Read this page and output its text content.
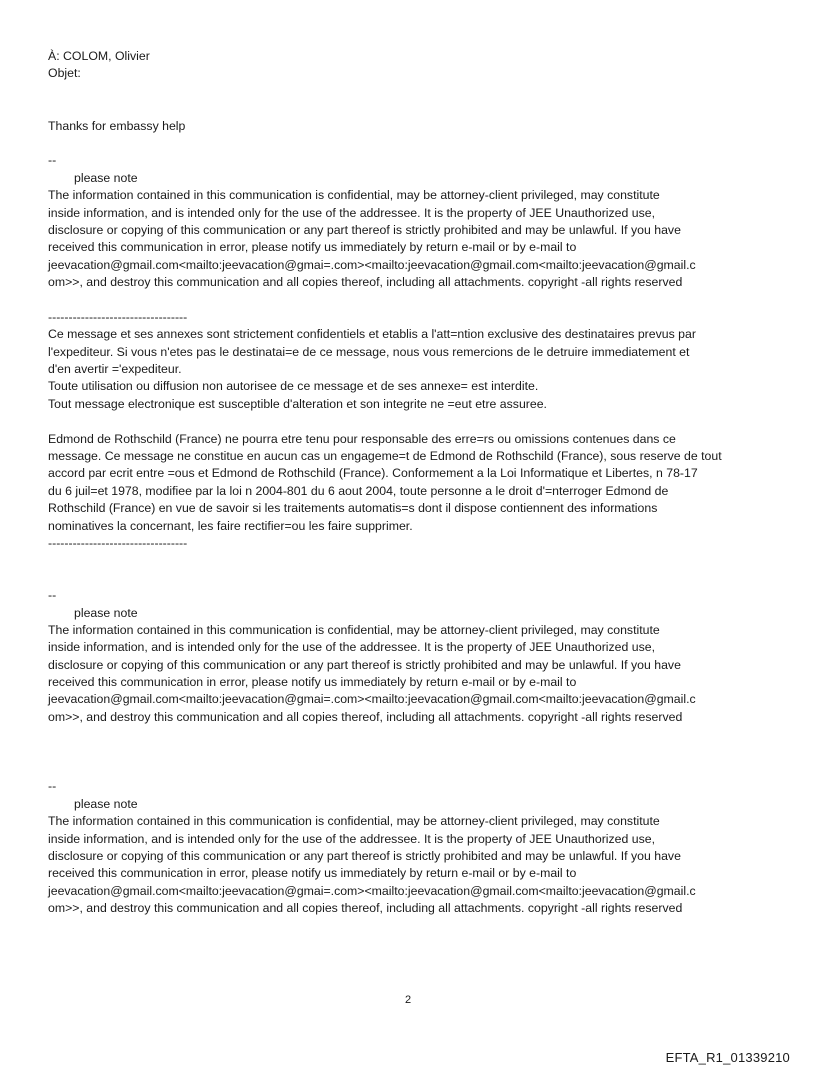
À: COLOM, Olivier
Objet:
Thanks for embassy help
--
please note
The information contained in this communication is confidential, may be attorney-client privileged, may constitute
inside information, and is intended only for the use of the addressee. It is the property of JEE Unauthorized use,
disclosure or copying of this communication or any part thereof is strictly prohibited and may be unlawful. If you have
received this communication in error, please notify us immediately by return e-mail or by e-mail to
jeevacation@gmail.com<mailto:jeevacation@gmai=.com><mailto:jeevacation@gmail.com<mailto:jeevacation@gmail.c
om>>, and destroy this communication and all copies thereof, including all attachments. copyright -all rights reserved
----------------------------------
Ce message et ses annexes sont strictement confidentiels et etablis a l'att=ntion exclusive des destinataires prevus par
l'expediteur. Si vous n'etes pas le destinatai=e de ce message, nous vous remercions de le detruire immediatement et
d'en avertir ='expediteur.
Toute utilisation ou diffusion non autorisee de ce message et de ses annexe= est interdite.
Tout message electronique est susceptible d'alteration et son integrite ne =eut etre assuree.
Edmond de Rothschild (France) ne pourra etre tenu pour responsable des erre=rs ou omissions contenues dans ce
message. Ce message ne constitue en aucun cas un engageme=t de Edmond de Rothschild (France), sous reserve de tout
accord par ecrit entre =ous et Edmond de Rothschild (France). Conformement a la Loi Informatique et Libertes, n 78-17
du 6 juil=et 1978, modifiee par la loi n 2004-801 du 6 aout 2004, toute personne a le droit d'=nterroger Edmond de
Rothschild (France) en vue de savoir si les traitements automatis=s dont il dispose contiennent des informations
nominatives la concernant, les faire rectifier=ou les faire supprimer.
----------------------------------
--
please note
The information contained in this communication is confidential, may be attorney-client privileged, may constitute
inside information, and is intended only for the use of the addressee. It is the property of JEE Unauthorized use,
disclosure or copying of this communication or any part thereof is strictly prohibited and may be unlawful. If you have
received this communication in error, please notify us immediately by return e-mail or by e-mail to
jeevacation@gmail.com<mailto:jeevacation@gmai=.com><mailto:jeevacation@gmail.com<mailto:jeevacation@gmail.c
om>>, and destroy this communication and all copies thereof, including all attachments. copyright -all rights reserved
--
please note
The information contained in this communication is confidential, may be attorney-client privileged, may constitute
inside information, and is intended only for the use of the addressee. It is the property of JEE Unauthorized use,
disclosure or copying of this communication or any part thereof is strictly prohibited and may be unlawful. If you have
received this communication in error, please notify us immediately by return e-mail or by e-mail to
jeevacation@gmail.com<mailto:jeevacation@gmai=.com><mailto:jeevacation@gmail.com<mailto:jeevacation@gmail.c
om>>, and destroy this communication and all copies thereof, including all attachments. copyright -all rights reserved
2
EFTA_R1_01339210
